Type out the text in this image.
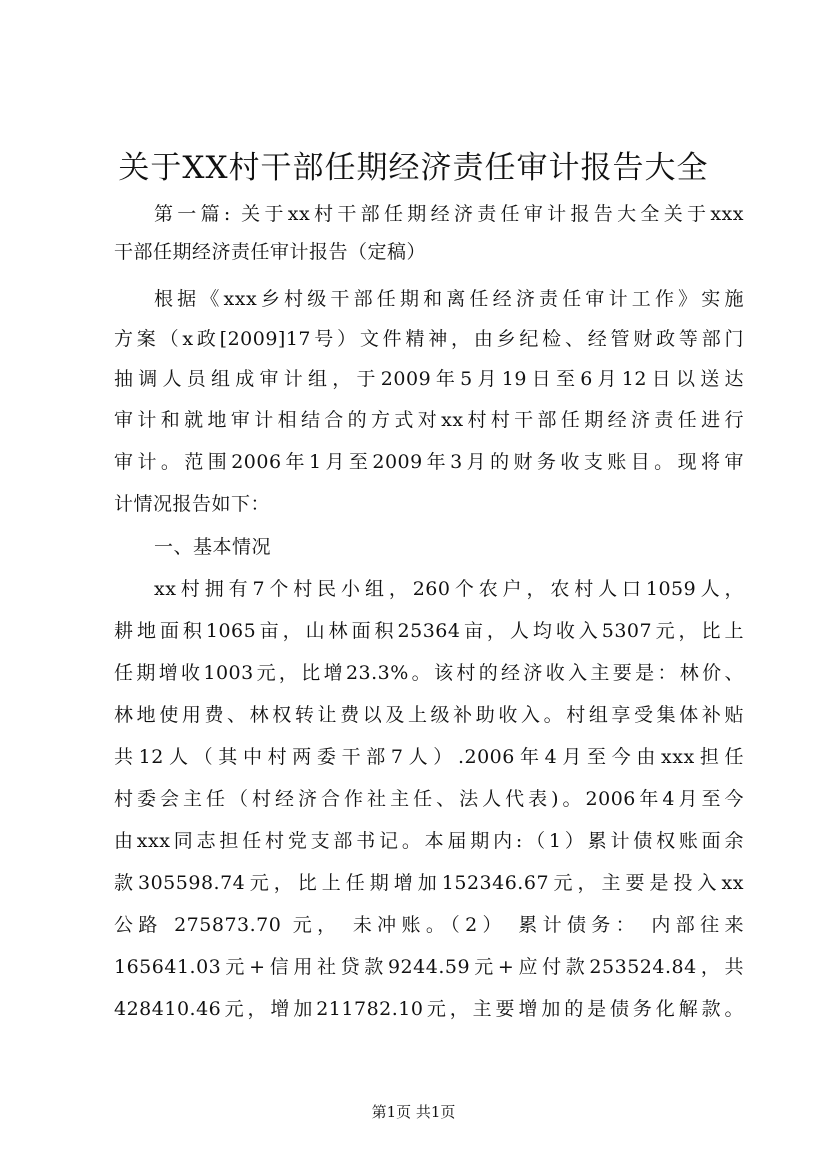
关于XX村干部任期经济责任审计报告大全
第一篇: 关于xx村干部任期经济责任审计报告大全关于xxx
干部任期经济责任审计报告（定稿）
根据《xxx乡村级干部任期和离任经济责任审计工作》实施
方案（x政[2009]17号）文件精神，由乡纪检、经管财政等部门
抽调人员组成审计组，于2009年5月19日至6月12日以送达
审计和就地审计相结合的方式对xx村村干部任期经济责任进行
审计。范围2006年1月至2009年3月的财务收支账目。现将审
计情况报告如下：
一、基本情况
xx村拥有7个村民小组，260个农户，农村人口1059人，
耕地面积1065亩，山林面积25364亩，人均收入5307元，比上
任期增收1003元，比增23.3%。该村的经济收入主要是：林价、
林地使用费、林权转让费以及上级补助收入。村组享受集体补贴
共12人（其中村两委干部7人）.2006年4月至今由xxx担任
村委会主任（村经济合作社主任、法人代表)。2006年4月至今
由xxx同志担任村党支部书记。本届期内:（1）累计债权账面余
款305598.74元，比上任期增加152346.67元，主要是投入xx
公路 275873.70 元， 未冲账。（2） 累计债务： 内部往来
165641.03元+信用社贷款9244.59元+应付款253524.84，共
428410.46元，增加211782.10元，主要增加的是债务化解款。
第1页 共1页
